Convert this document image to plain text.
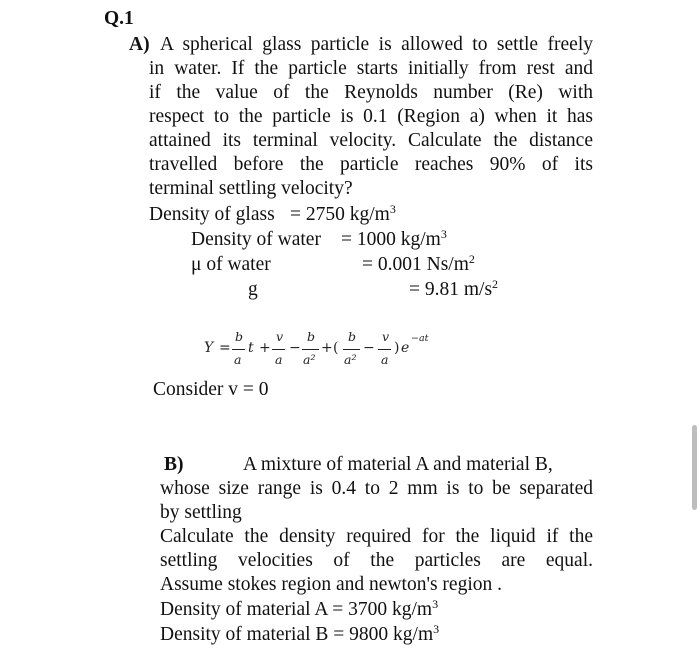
Q.1
A) A spherical glass particle is allowed to settle freely
in water. If the particle starts initially from rest and
if the value of the Reynolds number (Re) with
respect to the particle is 0.1 (Region a) when it has
attained its terminal velocity. Calculate the distance
travelled before the particle reaches 90% of its
terminal settling velocity?
Density of glass = 2750 $kg/m^3$
Density of water = 1000 $kg/m^3$
μ of water	= 0.001 $Ns/m^2$
g	= 9.81 $m/s^2$
Y =
b
a
t +
v
a
−
b
a²
+ (
b
a²
−
v
a
) e
−at
Consider v = 0
B)	A mixture of material A and material B,
whose size range is 0.4 to 2 mm is to be separated
by settling
Calculate the density required for the liquid if the
settling velocities of the particles are equal.
Assume stokes region and newton's region .
Density of material A = 3700 $kg/m^3$
Density of material B = 9800 $kg/m^3$
